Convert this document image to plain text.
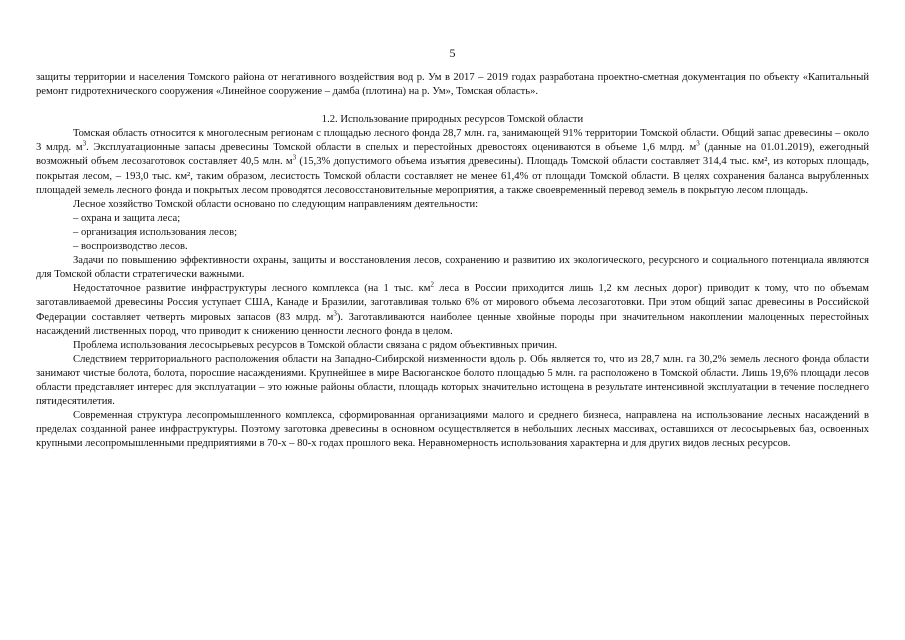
5

защиты территории и населения Томского района от негативного воздействия вод р. Ум в 2017 – 2019 годах разработана проектно-сметная документация по объекту «Капитальный ремонт гидротехнического сооружения «Линейное сооружение – дамба (плотина) на р. Ум», Томская область».

1.2. Использование природных ресурсов Томской области

Томская область относится к многолесным регионам с площадью лесного фонда 28,7 млн. га, занимающей 91% территории Томской области. Общий запас древесины – около 3 млрд. $м^3$. Эксплуатационные запасы древесины Томской области в спелых и перестойных древостоях оцениваются в объеме 1,6 млрд. $м^3$ (данные на 01.01.2019), ежегодный возможный объем лесозаготовок составляет 40,5 млн. $м^3$ (15,3% допустимого объема изъятия древесины). Площадь Томской области составляет 314,4 тыс. км², из которых площадь, покрытая лесом, – 193,0 тыс. км², таким образом, лесистость Томской области составляет не менее 61,4% от площади Томской области. В целях сохранения баланса вырубленных площадей земель лесного фонда и покрытых лесом проводятся лесовосстановительные мероприятия, а также своевременный перевод земель в покрытую лесом площадь.

Лесное хозяйство Томской области основано по следующим направлениям деятельности:

– охрана и защита леса;

– организация использования лесов;

– воспроизводство лесов.

Задачи по повышению эффективности охраны, защиты и восстановления лесов, сохранению и развитию их экологического, ресурсного и социального потенциала являются для Томской области стратегически важными.

Недостаточное развитие инфраструктуры лесного комплекса (на 1 тыс. $км^2$ леса в России приходится лишь 1,2 км лесных дорог) приводит к тому, что по объемам заготавливаемой древесины Россия уступает США, Канаде и Бразилии, заготавливая только 6% от мирового объема лесозаготовки. При этом общий запас древесины в Российской Федерации составляет четверть мировых запасов (83 млрд. $м^3$). Заготавливаются наиболее ценные хвойные породы при значительном накоплении малоценных перестойных насаждений лиственных пород, что приводит к снижению ценности лесного фонда в целом.

Проблема использования лесосырьевых ресурсов в Томской области связана с рядом объективных причин.

Следствием территориального расположения области на Западно-Сибирской низменности вдоль р. Обь является то, что из 28,7 млн. га 30,2% земель лесного фонда области занимают чистые болота, болота, поросшие насаждениями. Крупнейшее в мире Васюганское болото площадью 5 млн. га расположено в Томской области. Лишь 19,6% площади лесов области представляет интерес для эксплуатации – это южные районы области, площадь которых значительно истощена в результате интенсивной эксплуатации в течение последнего пятидесятилетия.

Современная структура лесопромышленного комплекса, сформированная организациями малого и среднего бизнеса, направлена на использование лесных насаждений в пределах созданной ранее инфраструктуры. Поэтому заготовка древесины в основном осуществляется в небольших лесных массивах, оставшихся от лесосырьевых баз, освоенных крупными лесопромышленными предприятиями в 70-х – 80-х годах прошлого века. Неравномерность использования характерна и для других видов лесных ресурсов.
